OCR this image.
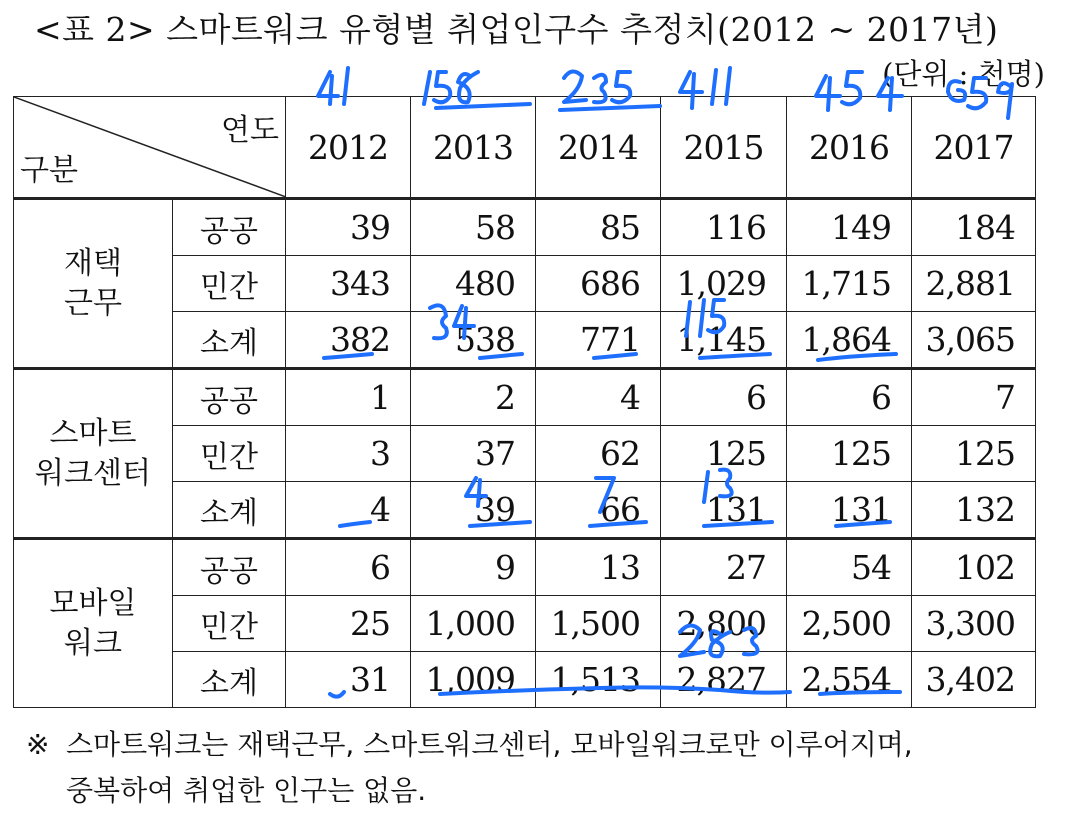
<표 2> 스마트워크 유형별 취업인구수 추정치(2012 ~ 2017년)
(단위 : 천명)
연도
구분		2012	2013	2014	2015	2016	2017

재택
근무	공공	39	58	85	116	149	184
	민간	343	480	686	1,029	1,715	2,881
	소계	382	538	771	1,145	1,864	3,065

스마트
워크센터	공공	1	2	4	6	6	7
	민간	3	37	62	125	125	125
	소계	4	39	66	131	131	132

모바일
워크	공공	6	9	13	27	54	102
	민간	25	1,000	1,500	2,800	2,500	3,300
	소계	31	1,009	1,513	2,827	2,554	3,402
※ 스마트워크는 재택근무, 스마트워크센터, 모바일워크로만 이루어지며,
중복하여 취업한 인구는 없음.
